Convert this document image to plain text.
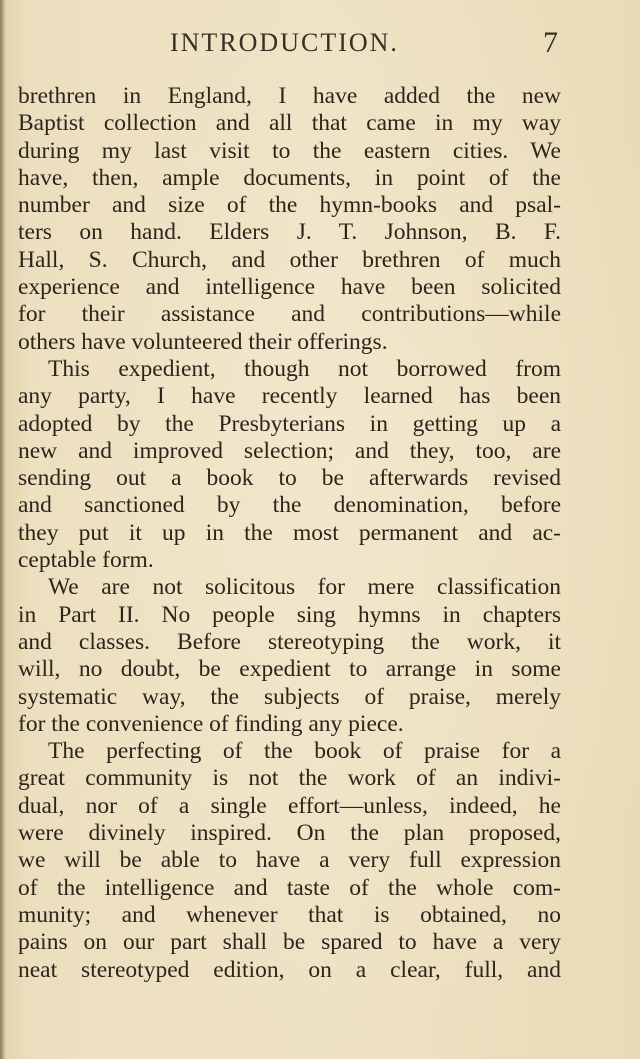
INTRODUCTION.	7
brethren in England, I have added the new
Baptist collection and all that came in my way
during my last visit to the eastern cities. We
have, then, ample documents, in point of the
number and size of the hymn-books and psal-
ters on hand. Elders J. T. Johnson, B. F.
Hall, S. Church, and other brethren of much
experience and intelligence have been solicited
for their assistance and contributions—while
others have volunteered their offerings.
This expedient, though not borrowed from
any party, I have recently learned has been
adopted by the Presbyterians in getting up a
new and improved selection; and they, too, are
sending out a book to be afterwards revised
and sanctioned by the denomination, before
they put it up in the most permanent and ac-
ceptable form.
We are not solicitous for mere classification
in Part II. No people sing hymns in chapters
and classes. Before stereotyping the work, it
will, no doubt, be expedient to arrange in some
systematic way, the subjects of praise, merely
for the convenience of finding any piece.
The perfecting of the book of praise for a
great community is not the work of an indivi-
dual, nor of a single effort—unless, indeed, he
were divinely inspired. On the plan proposed,
we will be able to have a very full expression
of the intelligence and taste of the whole com-
munity; and whenever that is obtained, no
pains on our part shall be spared to have a very
neat stereotyped edition, on a clear, full, and
